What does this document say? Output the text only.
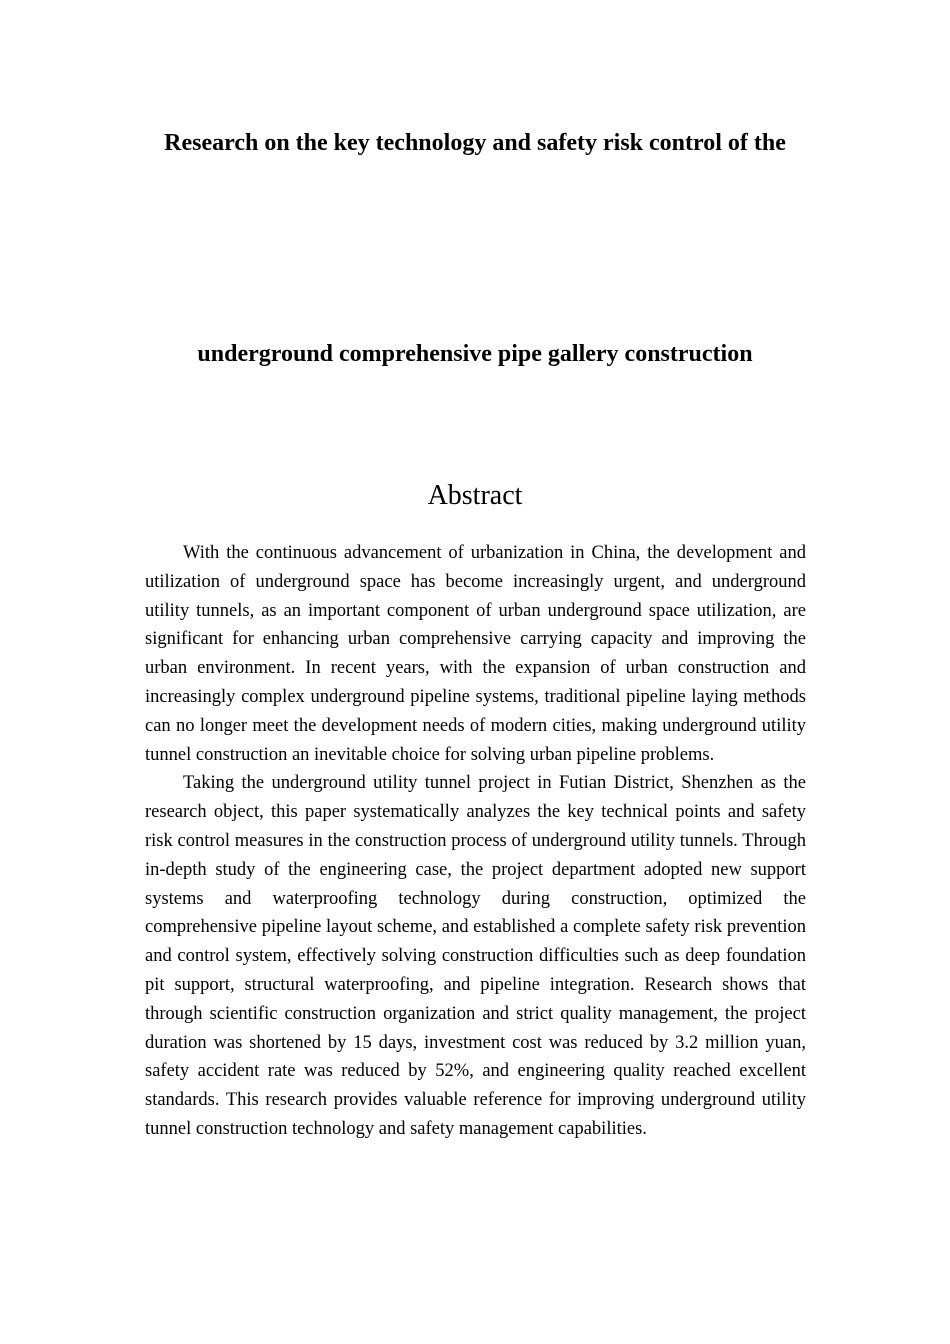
Research on the key technology and safety risk control of the
underground comprehensive pipe gallery construction
Abstract

With the continuous advancement of urbanization in China, the development and utilization of underground space has become increasingly urgent, and underground utility tunnels, as an important component of urban underground space utilization, are significant for enhancing urban comprehensive carrying capacity and improving the urban environment. In recent years, with the expansion of urban construction and increasingly complex underground pipeline systems, traditional pipeline laying methods can no longer meet the development needs of modern cities, making underground utility tunnel construction an inevitable choice for solving urban pipeline problems.

Taking the underground utility tunnel project in Futian District, Shenzhen as the research object, this paper systematically analyzes the key technical points and safety risk control measures in the construction process of underground utility tunnels. Through in-depth study of the engineering case, the project department adopted new support systems and waterproofing technology during construction, optimized the comprehensive pipeline layout scheme, and established a complete safety risk prevention and control system, effectively solving construction difficulties such as deep foundation pit support, structural waterproofing, and pipeline integration. Research shows that through scientific construction organization and strict quality management, the project duration was shortened by 15 days, investment cost was reduced by 3.2 million yuan, safety accident rate was reduced by 52%, and engineering quality reached excellent standards. This research provides valuable reference for improving underground utility tunnel construction technology and safety management capabilities.
